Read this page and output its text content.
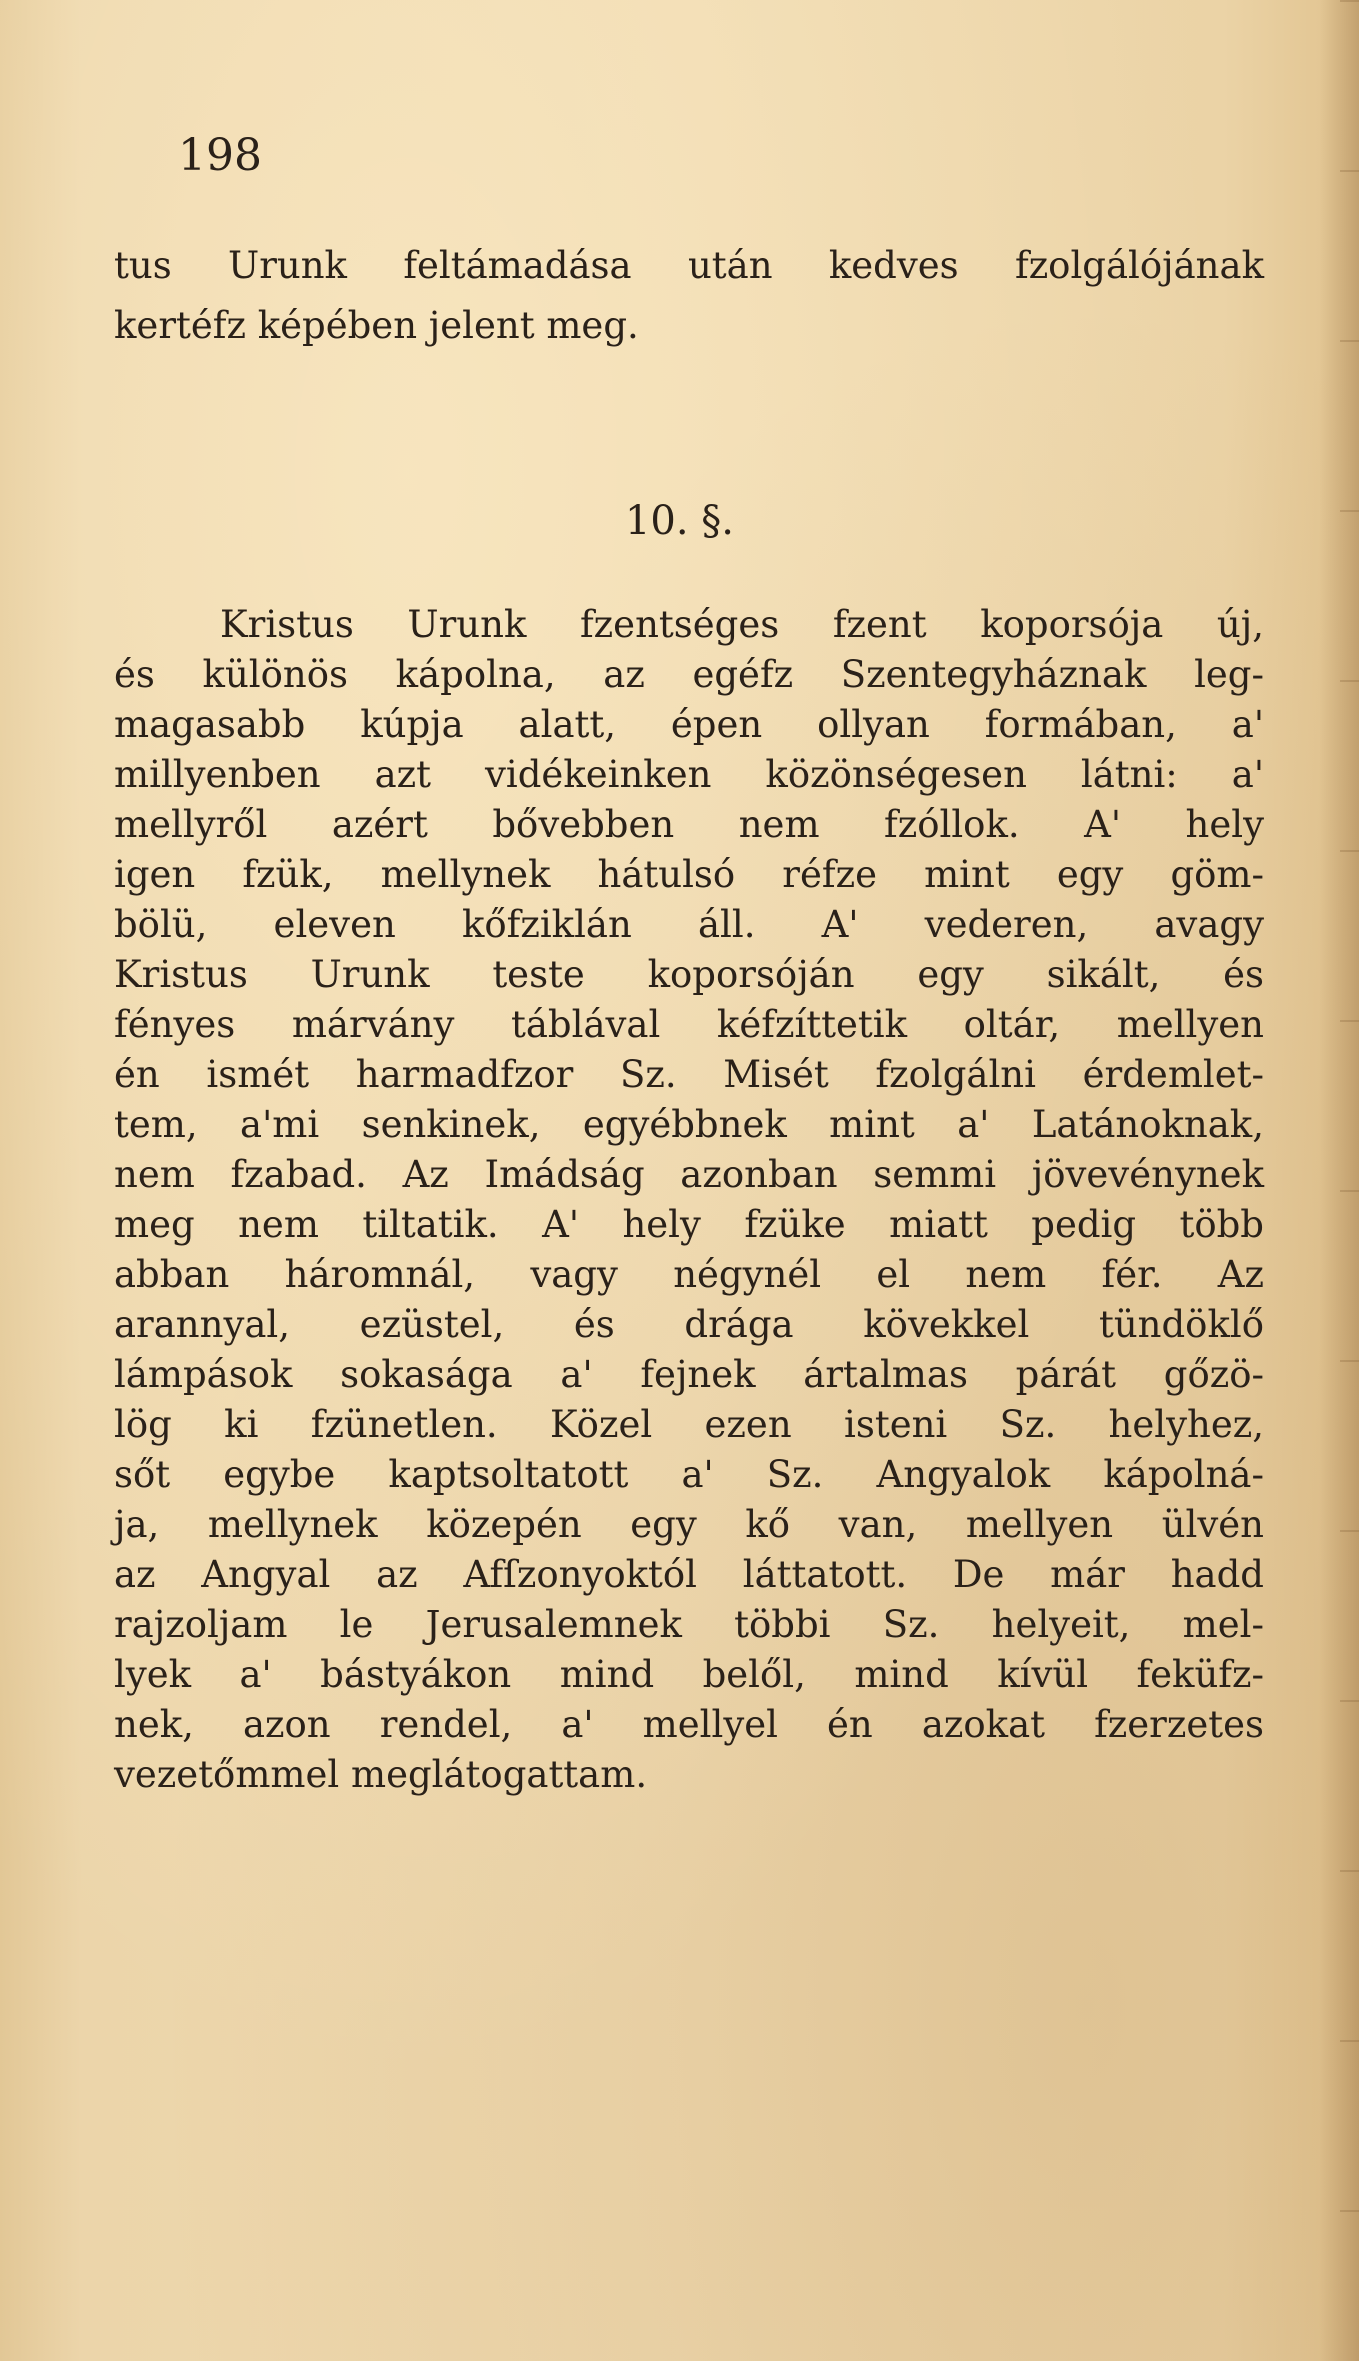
198
tus Urunk feltámadása után kedves fzolgálójának
kertéfz képében jelent meg.
10. §.
Kristus Urunk fzentséges fzent koporsója új,
és különös kápolna, az egéfz Szentegyháznak leg-
magasabb kúpja alatt, épen ollyan formában, a'
millyenben azt vidékeinken közönségesen látni: a'
mellyről azért bővebben nem fzóllok. A' hely
igen fzük, mellynek hátulsó réfze mint egy göm-
bölü, eleven kőfziklán áll. A' vederen, avagy
Kristus Urunk teste koporsóján egy sikált, és
fényes márvány táblával kéfzíttetik oltár, mellyen
én ismét harmadfzor Sz. Misét fzolgálni érdemlet-
tem, a'mi senkinek, egyébbnek mint a' Latánoknak,
nem fzabad. Az Imádság azonban semmi jövevénynek
meg nem tiltatik. A' hely fzüke miatt pedig több
abban háromnál, vagy négynél el nem fér. Az
arannyal, ezüstel, és drága kövekkel tündöklő
lámpások sokasága a' fejnek ártalmas párát gőzö-
lög ki fzünetlen. Közel ezen isteni Sz. helyhez,
sőt egybe kaptsoltatott a' Sz. Angyalok kápolná-
ja, mellynek közepén egy kő van, mellyen ülvén
az Angyal az Afſzonyoktól láttatott. De már hadd
rajzoljam le Jerusalemnek többi Sz. helyeit, mel-
lyek a' bástyákon mind belől, mind kívül feküfz-
nek, azon rendel, a' mellyel én azokat fzerzetes
vezetőmmel meglátogattam.
